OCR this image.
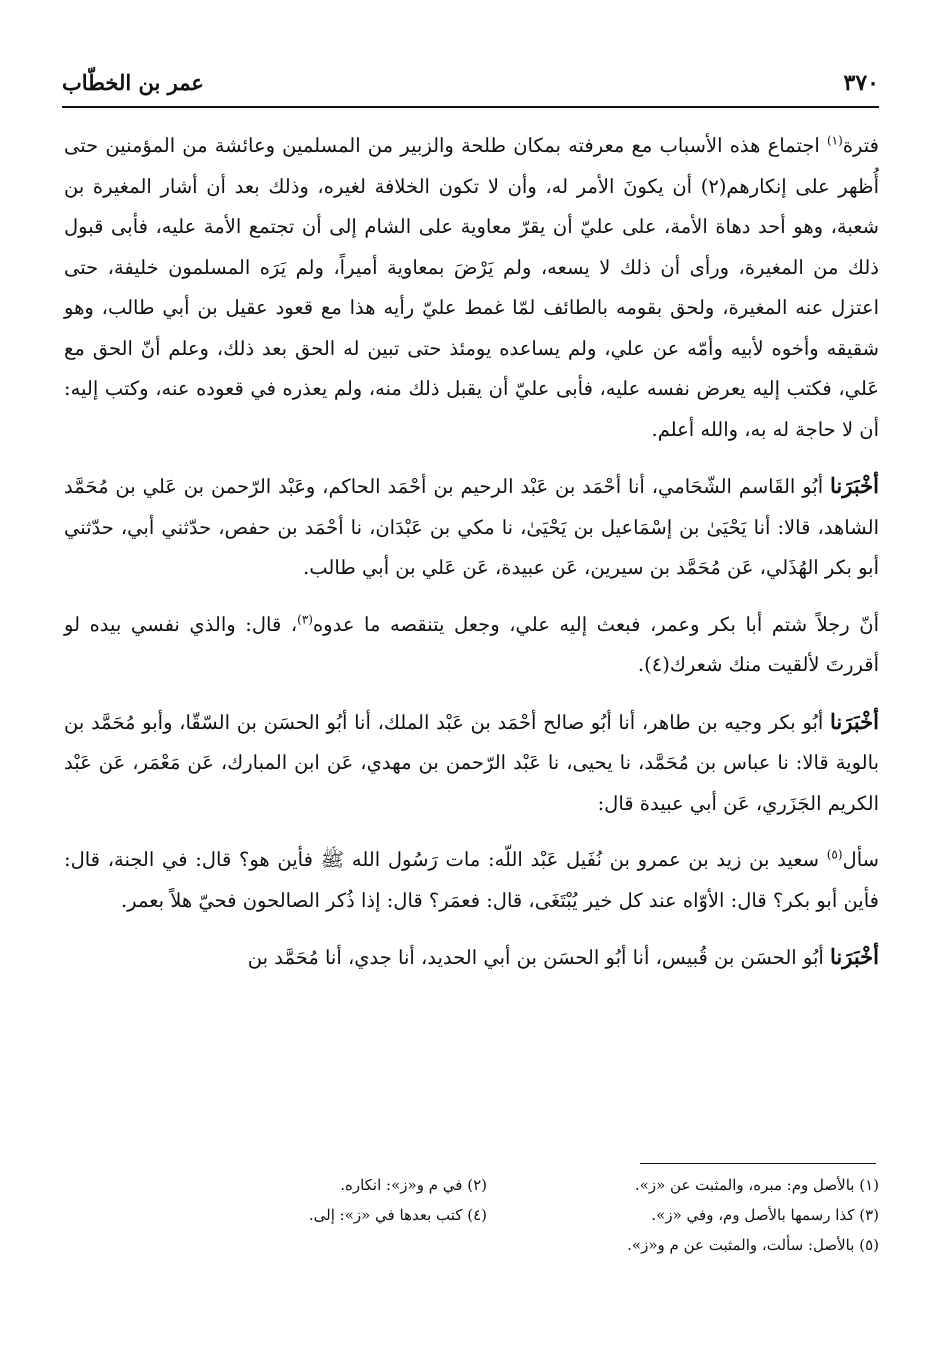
٣٧٠
عمر بن الخطّاب

فترة$^{(١)}$ اجتماع هذه الأسباب مع معرفته بمكان طلحة والزبير من المسلمين وعائشة من المؤمنين حتى أُظهر على إنكارهم(٢) أن يكونَ الأمر له، وأن لا تكون الخلافة لغيره، وذلك بعد أن أشار المغيرة بن شعبة، وهو أحد دهاة الأمة، على عليّ أن يقرّ معاوية على الشام إلى أن تجتمع الأمة عليه، فأبى قبول ذلك من المغيرة، ورأى أن ذلك لا يسعه، ولم يَرْضَ بمعاوية أميراً، ولم يَرَه المسلمون خليفة، حتى اعتزل عنه المغيرة، ولحق بقومه بالطائف لمّا غمط عليّ رأيه هذا مع قعود عقيل بن أبي طالب، وهو شقيقه وأخوه لأبيه وأمّه عن علي، ولم يساعده يومئذ حتى تبين له الحق بعد ذلك، وعلم أنّ الحق مع عَلي، فكتب إليه يعرض نفسه عليه، فأبى عليّ أن يقبل ذلك منه، ولم يعذره في قعوده عنه، وكتب إليه: أن لا حاجة له به، والله أعلم.

أخْبَرَنا أبُو القَاسم الشّحَامي، أنا أحْمَد بن عَبْد الرحيم بن أحْمَد الحاكم، وعَبْد الرّحمن بن عَلي بن مُحَمَّد الشاهد، قالا: أنا يَحْيَىٰ بن إسْمَاعيل بن يَحْيَىٰ، نا مكي بن عَبْدَان، نا أحْمَد بن حفص، حدّثني أبي، حدّثني أبو بكر الهُذَلي، عَن مُحَمَّد بن سيرين، عَن عبيدة، عَن عَلي بن أبي طالب.

أنّ رجلاً شتم أبا بكر وعمر، فبعث إليه علي، وجعل يتنقصه ما عدوه$^{(٣)}$، قال: والذي نفسي بيده لو أقررتَ لألقيت منك شعرك(٤).

أخْبَرَنا أبُو بكر وجيه بن طاهر، أنا أبُو صالح أحْمَد بن عَبْد الملك، أنا أبُو الحسَن بن السّقّا، وأبو مُحَمَّد بن بالوية قالا: نا عباس بن مُحَمَّد، نا يحيى، نا عَبْد الرّحمن بن مهدي، عَن ابن المبارك، عَن مَعْمَر، عَن عَبْد الكريم الجَزَري، عَن أبي عبيدة قال:

سأل$^{(٥)}$ سعيد بن زيد بن عمرو بن نُفَيل عَبْد اللّه: مات رَسُول الله ﷺ فأين هو؟ قال: في الجنة، قال: فأين أبو بكر؟ قال: الأوّاه عند كل خير يُبْتَغَى، قال: فعمَر؟ قال: إذا ذُكر الصالحون فحيّ هلاً بعمر.

أخْبَرَنا أبُو الحسَن بن قُبيس، أنا أبُو الحسَن بن أبي الحديد، أنا جدي، أنا مُحَمَّد بن

(١) بالأصل وم: مبره، والمثبت عن «ز».
(٢) في م و«ز»: انكاره.
(٣) كذا رسمها بالأصل وم، وفي «ز».
(٤) كتب بعدها في «ز»: إلى.
(٥) بالأصل: سألت، والمثبت عن م و«ز».
